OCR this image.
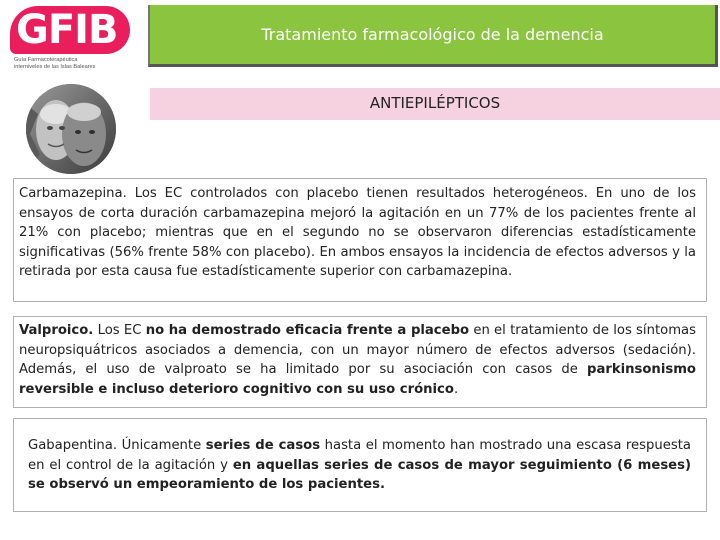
GFIB
Guía Farmacoterapéutica
interniveles de las Islas Baleares
Tratamiento farmacológico de la demencia
ANTIEPILÉPTICOS
Carbamazepina. Los EC controlados con placebo tienen resultados heterogéneos. En uno de los ensayos de corta duración carbamazepina mejoró la agitación en un 77% de los pacientes frente al 21% con placebo; mientras que en el segundo no se observaron diferencias estadísticamente significativas (56% frente 58% con placebo). En ambos ensayos la incidencia de efectos adversos y la retirada por esta causa fue estadísticamente superior con carbamazepina.
Valproico. Los EC no ha demostrado eficacia frente a placebo en el tratamiento de los síntomas neuropsiquátricos asociados a demencia, con un mayor número de efectos adversos (sedación). Además, el uso de valproato se ha limitado por su asociación con casos de parkinsonismo reversible e incluso deterioro cognitivo con su uso crónico.
Gabapentina. Únicamente series de casos hasta el momento han mostrado una escasa respuesta en el control de la agitación y en aquellas series de casos de mayor seguimiento (6 meses) se observó un empeoramiento de los pacientes.
